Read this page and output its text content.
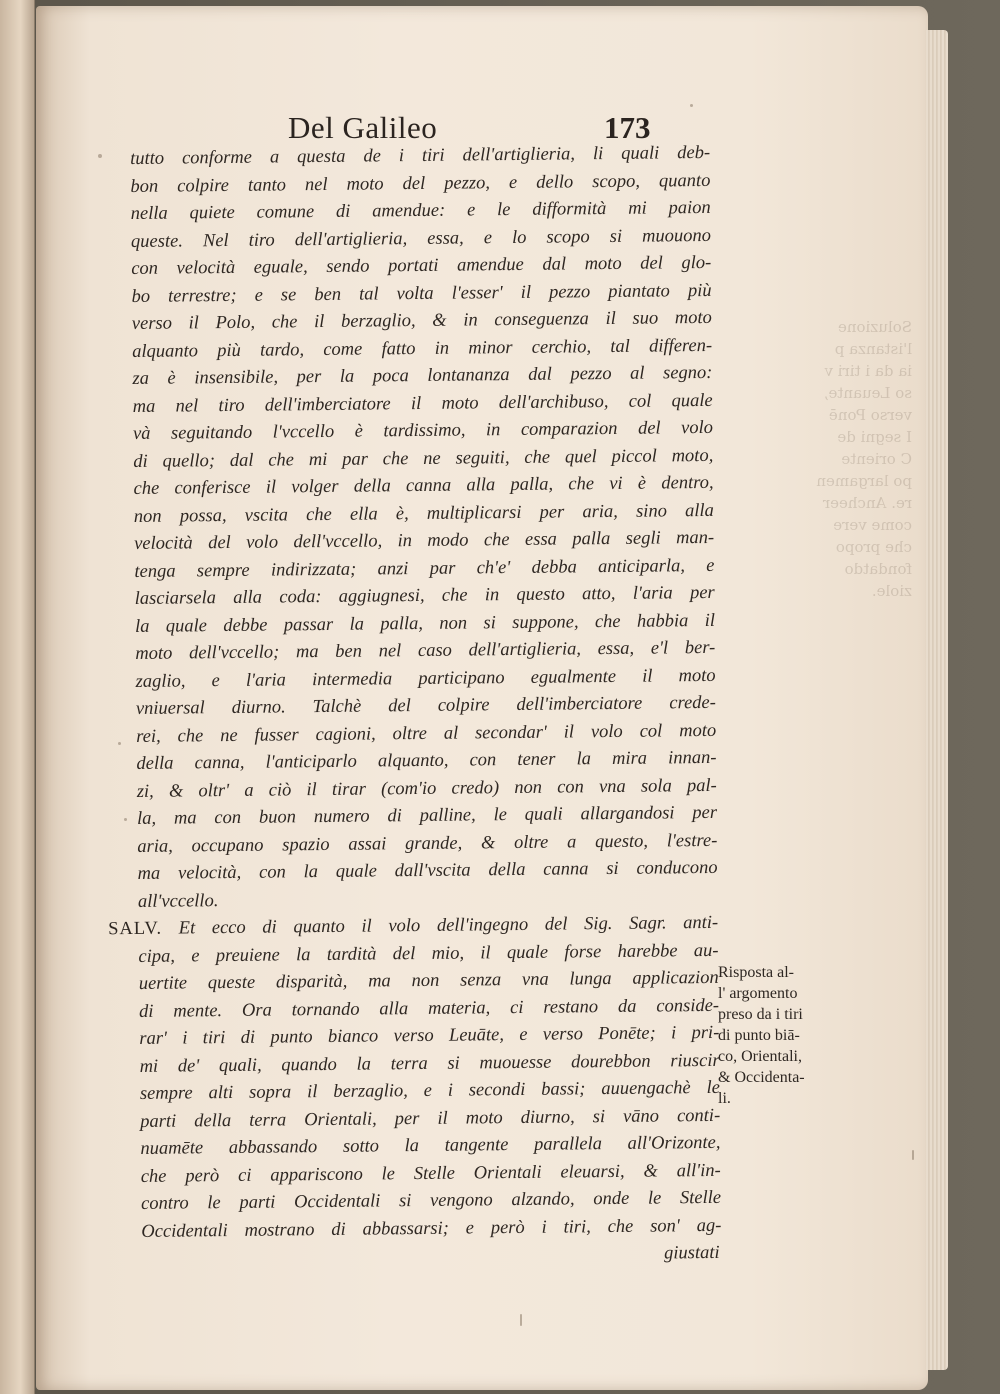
Soluzione
l'istanza p
ia da i tiri v
so Leuante,
verso Ponē
I segni de
C oriente
po largamen
re. Ancheer
come vere
che propo
fondatdo
ziole.
Del Galileo	173
tutto conforme a questa de i tiri dell'artiglieria, li quali deb-
bon colpire tanto nel moto del pezzo, e dello scopo, quanto
nella quiete comune di amendue: e le difformità mi paion
queste. Nel tiro dell'artiglieria, essa, e lo scopo si muouono
con velocità eguale, sendo portati amendue dal moto del glo-
bo terrestre; e se ben tal volta l'esser' il pezzo piantato più
verso il Polo, che il berzaglio, & in conseguenza il suo moto
alquanto più tardo, come fatto in minor cerchio, tal differen-
za è insensibile, per la poca lontananza dal pezzo al segno:
ma nel tiro dell'imberciatore il moto dell'archibuso, col quale
và seguitando l'vccello è tardissimo, in comparazion del volo
di quello; dal che mi par che ne seguiti, che quel piccol moto,
che conferisce il volger della canna alla palla, che vi è dentro,
non possa, vscita che ella è, multiplicarsi per aria, sino alla
velocità del volo dell'vccello, in modo che essa palla segli man-
tenga sempre indirizzata; anzi par ch'e' debba anticiparla, e
lasciarsela alla coda: aggiugnesi, che in questo atto, l'aria per
la quale debbe passar la palla, non si suppone, che habbia il
moto dell'vccello; ma ben nel caso dell'artiglieria, essa, e'l ber-
zaglio, e l'aria intermedia participano egualmente il moto
vniuersal diurno. Talchè del colpire dell'imberciatore crede-
rei, che ne fusser cagioni, oltre al secondar' il volo col moto
della canna, l'anticiparlo alquanto, con tener la mira innan-
zi, & oltr' a ciò il tirar (com'io credo) non con vna sola pal-
la, ma con buon numero di palline, le quali allargandosi per
aria, occupano spazio assai grande, & oltre a questo, l'estre-
ma velocità, con la quale dall'vscita della canna si conducono
all'vccello.
SALV. Et ecco di quanto il volo dell'ingegno del Sig. Sagr. anti-
cipa, e preuiene la tardità del mio, il quale forse harebbe au-
uertite queste disparità, ma non senza vna lunga applicazion
di mente. Ora tornando alla materia, ci restano da conside-
rar' i tiri di punto bianco verso Leuāte, e verso Ponēte; i pri-
mi de' quali, quando la terra si muouesse dourebbon riuscir
sempre alti sopra il berzaglio, e i secondi bassi; auuengachè le
parti della terra Orientali, per il moto diurno, si vāno conti-
nuamēte abbassando sotto la tangente parallela all'Orizonte,
che però ci appariscono le Stelle Orientali eleuarsi, & all'in-
contro le parti Occidentali si vengono alzando, onde le Stelle
Occidentali mostrano di abbassarsi; e però i tiri, che son' ag-
giustati
Risposta al-
l' argomento
preso da i tiri
di punto biā-
co, Orientali,
& Occidenta-
li.
